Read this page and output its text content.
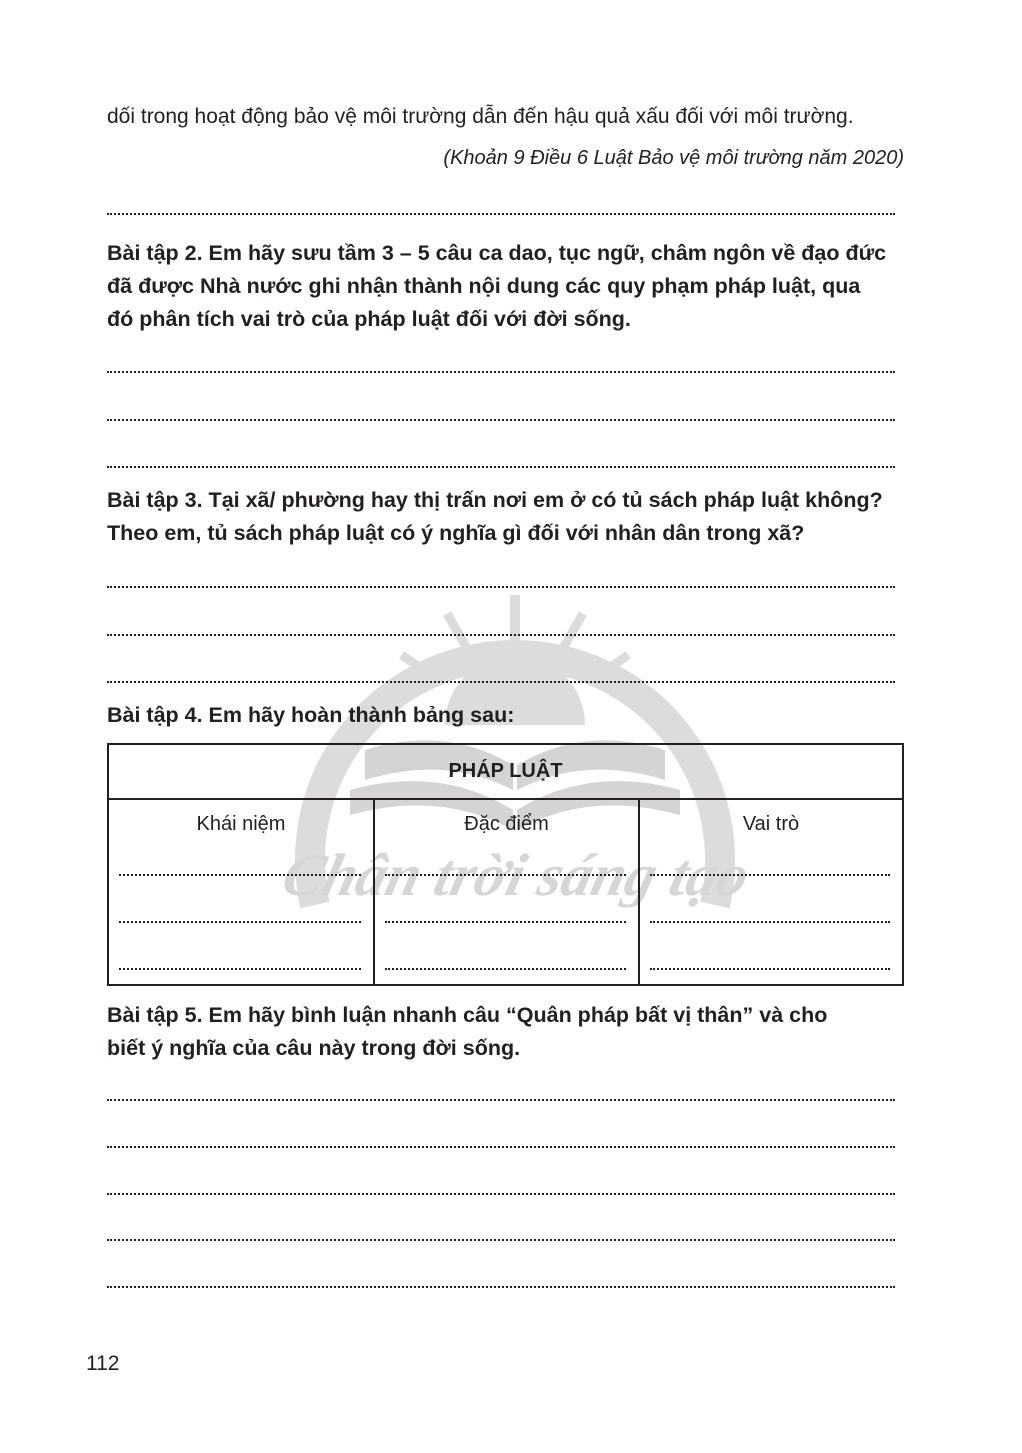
Chân trời sáng tạo
dối trong hoạt động bảo vệ môi trường dẫn đến hậu quả xấu đối với môi trường.
(Khoản 9 Điều 6 Luật Bảo vệ môi trường năm 2020)
Bài tập 2. Em hãy sưu tầm 3 – 5 câu ca dao, tục ngữ, châm ngôn về đạo đức
đã được Nhà nước ghi nhận thành nội dung các quy phạm pháp luật, qua
đó phân tích vai trò của pháp luật đối với đời sống.
Bài tập 3. Tại xã/ phường hay thị trấn nơi em ở có tủ sách pháp luật không?
Theo em, tủ sách pháp luật có ý nghĩa gì đối với nhân dân trong xã?
Bài tập 4. Em hãy hoàn thành bảng sau:
PHÁP LUẬT
Khái niệm	Đặc điểm	Vai trò
Bài tập 5. Em hãy bình luận nhanh câu “Quân pháp bất vị thân” và cho
biết ý nghĩa của câu này trong đời sống.
112
